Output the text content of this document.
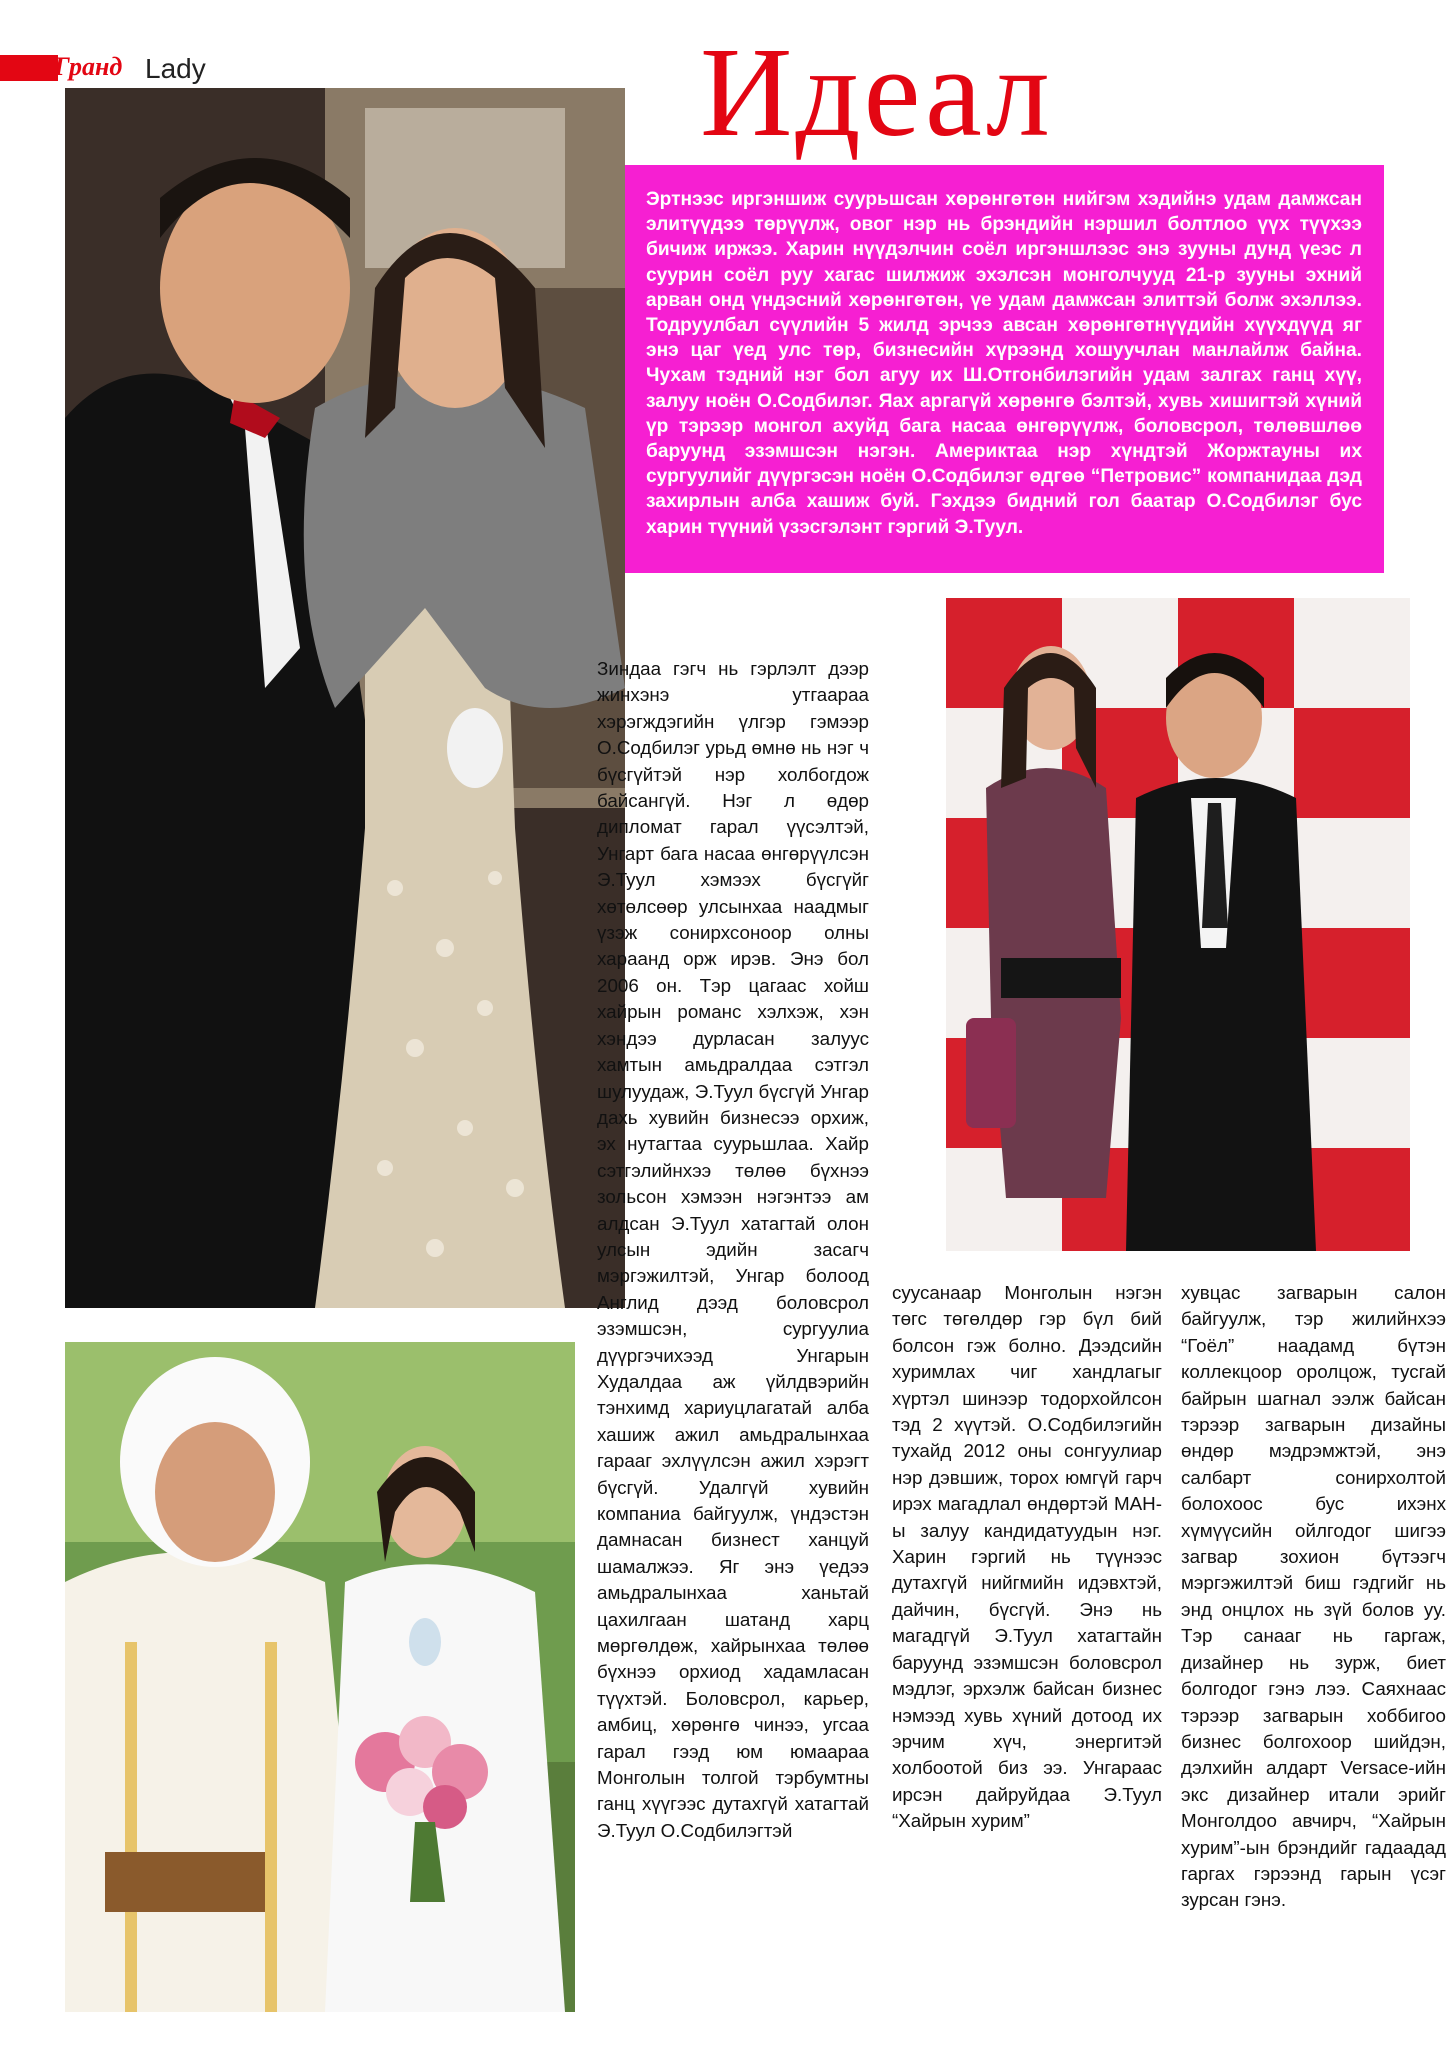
Гранд Lady	Идеал
Эртнээс иргэншиж суурьшсан хөрөнгөтөн нийгэм хэдийнэ удам дамжсан элитүүдээ төрүүлж, овог нэр нь брэндийн нэршил болтлоо үүх түүхээ бичиж иржээ. Харин нүүдэлчин соёл иргэншлээс энэ зууны дунд үеэс л суурин соёл руу хагас шилжиж эхэлсэн монголчууд 21-р зууны эхний арван онд үндэсний хөрөнгөтөн, үе удам дамжсан элиттэй болж эхэллээ. Тодруулбал сүүлийн 5 жилд эрчээ авсан хөрөнгөтнүүдийн хүүхдүүд яг энэ цаг үед улс төр, бизнесийн хүрээнд хошуучлан манлайлж байна. Чухам тэдний нэг бол агуу их Ш.Отгонбилэгийн удам залгах ганц хүү, залуу ноён О.Содбилэг. Яах аргагүй хөрөнгө бэлтэй, хувь хишигтэй хүний үр тэрээр монгол ахуйд бага насаа өнгөрүүлж, боловсрол, төлөвшлөө баруунд эзэмшсэн нэгэн. Америктаа нэр хүндтэй Жоржтауны их сургуулийг дүүргэсэн ноён О.Содбилэг өдгөө “Петровис” компанидаа дэд захирлын алба хашиж буй. Гэхдээ бидний гол баатар О.Содбилэг бус харин түүний үзэсгэлэнт гэргий Э.Туул.
Зиндаа гэгч нь гэрлэлт дээр жинхэнэ утгаараа хэрэгждэгийн үлгэр гэмээр О.Содбилэг урьд өмнө нь нэг ч бүсгүйтэй нэр холбогдож байсангүй. Нэг л өдөр дипломат гарал үүсэлтэй, Унгарт бага насаа өнгөрүүлсэн Э.Туул хэмээх бүсгүйг хөтөлсөөр улсынхаа наадмыг үзэж сонирхсоноор олны хараанд орж ирэв. Энэ бол 2006 он. Тэр цагаас хойш хайрын романс хэлхэж, хэн хэндээ дурласан залуус хамтын амьдралдаа сэтгэл шулуудаж, Э.Туул бүсгүй Унгар дахь хувийн бизнесээ орхиж, эх нутагтаа суурьшлаа. Хайр сэтгэлийнхээ төлөө бүхнээ зольсон хэмээн нэгэнтээ ам алдсан Э.Туул хатагтай олон улсын эдийн засагч мэргэжилтэй, Унгар болоод Англид дээд боловсрол эзэмшсэн, сургуулиа дүүргэчихээд Унгарын Худалдаа аж үйлдвэрийн тэнхимд хариуцлагатай алба хашиж ажил амьдралынхаа гарааг эхлүүлсэн ажил хэрэгт бүсгүй. Удалгүй хувийн компаниа байгуулж, үндэстэн дамнасан бизнест ханцуй шамалжээ. Яг энэ үедээ амьдралынхаа ханьтай цахилгаан шатанд харц мөргөлдөж, хайрынхаа төлөө бүхнээ орхиод хадамласан түүхтэй. Боловсрол, карьер, амбиц, хөрөнгө чинээ, угсаа гарал гээд юм юмаараа Монголын толгой тэрбумтны ганц хүүгээс дутахгүй хатагтай Э.Туул О.Содбилэгтэй
суусанаар Монголын нэгэн төгс төгөлдөр гэр бүл бий болсон гэж болно. Дээдсийн хуримлах чиг хандлагыг хүртэл шинээр тодорхойлсон тэд 2 хүүтэй. О.Содбилэгийн тухайд 2012 оны сонгуулиар нэр дэвшиж, торох юмгүй гарч ирэх магадлал өндөртэй МАН-ы залуу кандидатуудын нэг. Харин гэргий нь түүнээс дутахгүй нийгмийн идэвхтэй, дайчин, бүсгүй. Энэ нь магадгүй Э.Туул хатагтайн баруунд эзэмшсэн боловсрол мэдлэг, эрхэлж байсан бизнес нэмээд хувь хүний дотоод их эрчим хүч, энергитэй холбоотой биз ээ. Унгараас ирсэн дайруйдаа Э.Туул “Хайрын хурим”
хувцас загварын салон байгуулж, тэр жилийнхээ “Гоёл” наадамд бүтэн коллекцоор оролцож, тусгай байрын шагнал ээлж байсан тэрээр загварын дизайны өндөр мэдрэмжтэй, энэ салбарт сонирхолтой болохоос бус ихэнх хүмүүсийн ойлгодог шигээ загвар зохион бүтээгч мэргэжилтэй биш гэдгийг нь энд онцлох нь зүй болов уу. Тэр санааг нь гаргаж, дизайнер нь зурж, биет болгодог гэнэ лээ. Саяхнаас тэрээр загварын хоббигоо бизнес болгохоор шийдэн, дэлхийн алдарт Versace-ийн экс дизайнер итали эрийг Монголдоо авчирч, “Хайрын хурим”-ын брэндийг гадаадад гаргах гэрээнд гарын үсэг зурсан гэнэ.
